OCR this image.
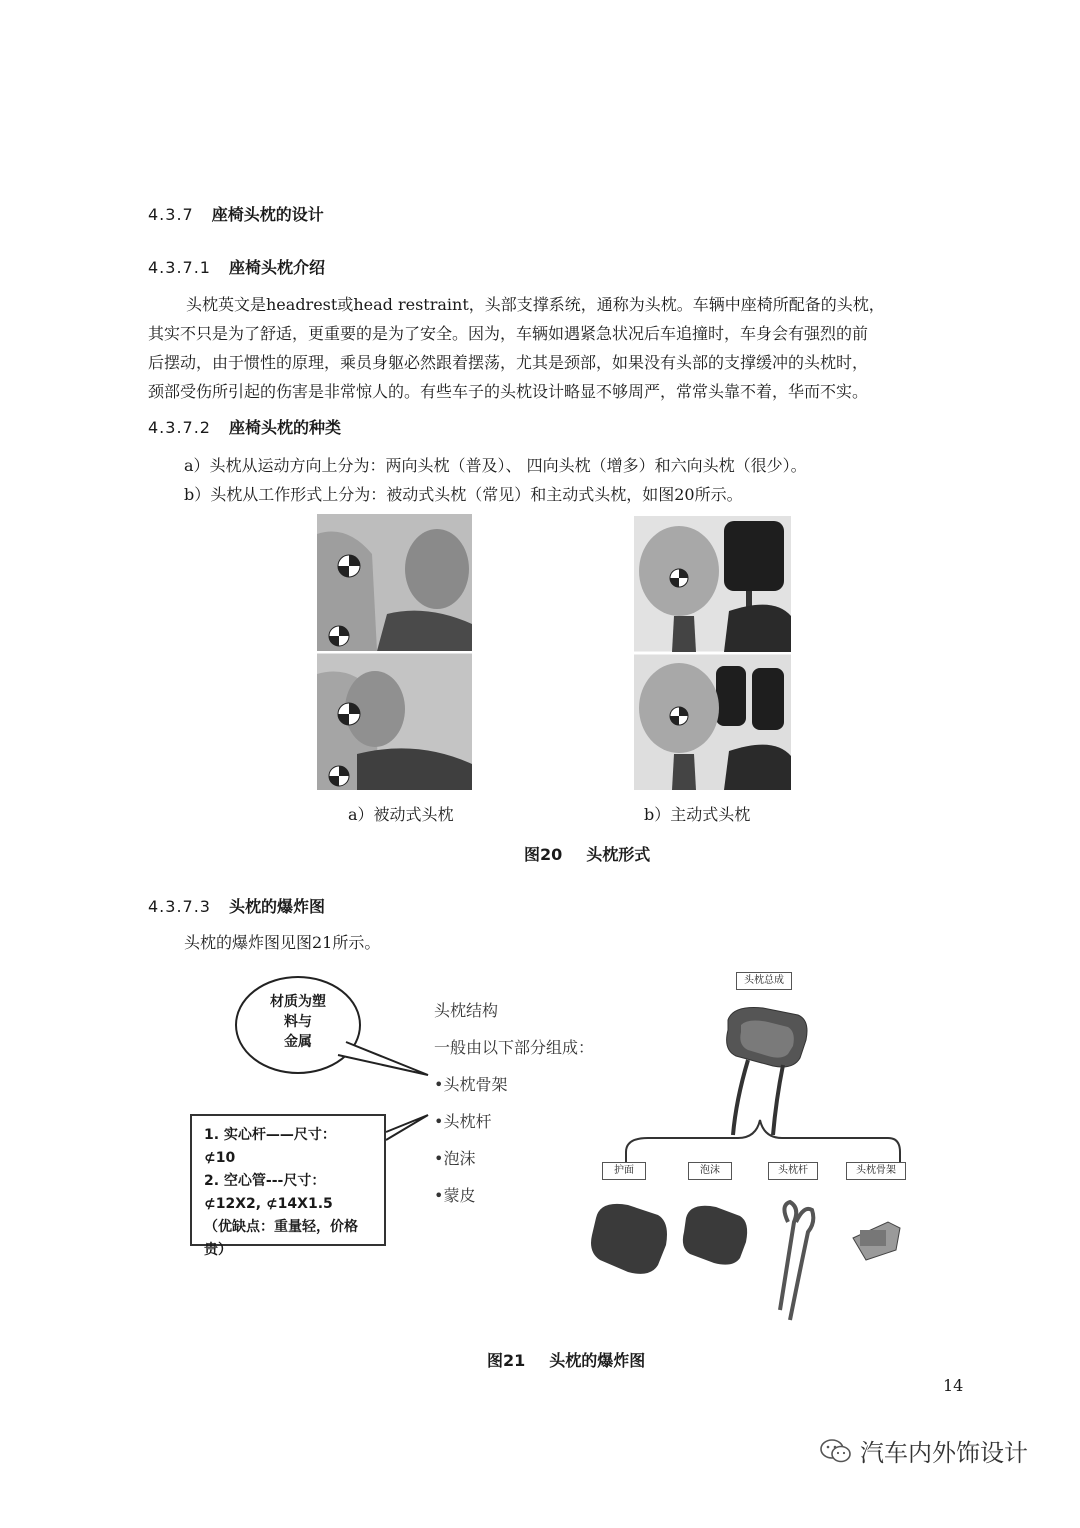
4.3.7 座椅头枕的设计
4.3.7.1 座椅头枕介绍
头枕英文是headrest或head restraint，头部支撑系统，通称为头枕。车辆中座椅所配备的头枕，
其实不只是为了舒适，更重要的是为了安全。因为，车辆如遇紧急状况后车追撞时，车身会有强烈的前
后摆动，由于惯性的原理，乘员身躯必然跟着摆荡，尤其是颈部，如果没有头部的支撑缓冲的头枕时，
颈部受伤所引起的伤害是非常惊人的。有些车子的头枕设计略显不够周严，常常头靠不着，华而不实。
4.3.7.2 座椅头枕的种类
a）头枕从运动方向上分为：两向头枕（普及）、 四向头枕（增多）和六向头枕（很少）。
b）头枕从工作形式上分为：被动式头枕（常见）和主动式头枕，如图20所示。
a）被动式头枕	b）主动式头枕
图20 头枕形式
4.3.7.3 头枕的爆炸图
头枕的爆炸图见图21所示。
材质为塑
料与
金属
1. 实心杆——尺寸： ⊄10
2. 空心管---尺寸：
⊄12X2, ⊄14X1.5
（优缺点：重量轻，价格
贵）
头枕结构
一般由以下部分组成：
•头枕骨架
•头枕杆
•泡沫
•蒙皮
头枕总成
护面	泡沫	头枕杆	头枕骨架
图21 头枕的爆炸图
14
汽车内外饰设计
